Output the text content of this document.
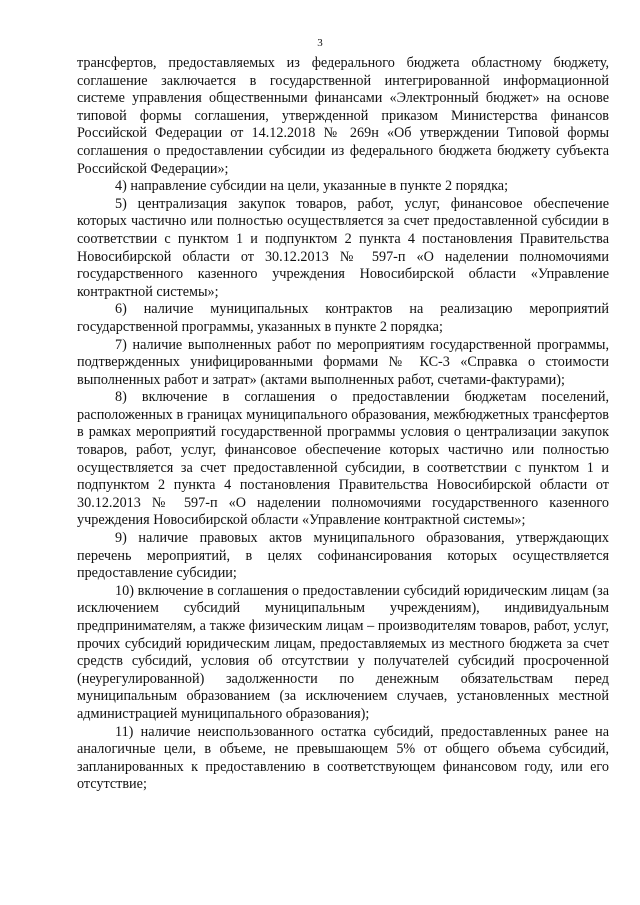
3

трансфертов, предоставляемых из федерального бюджета областному бюджету, соглашение заключается в государственной интегрированной информационной системе управления общественными финансами «Электронный бюджет» на основе типовой формы соглашения, утвержденной приказом Министерства финансов Российской Федерации от 14.12.2018 № 269н «Об утверждении Типовой формы соглашения о предоставлении субсидии из федерального бюджета бюджету субъекта Российской Федерации»;

4) направление субсидии на цели, указанные в пункте 2 порядка;

5) централизация закупок товаров, работ, услуг, финансовое обеспечение которых частично или полностью осуществляется за счет предоставленной субсидии в соответствии с пунктом 1 и подпунктом 2 пункта 4 постановления Правительства Новосибирской области от 30.12.2013 № 597-п «О наделении полномочиями государственного казенного учреждения Новосибирской области «Управление контрактной системы»;

6) наличие муниципальных контрактов на реализацию мероприятий государственной программы, указанных в пункте 2 порядка;

7) наличие выполненных работ по мероприятиям государственной программы, подтвержденных унифицированными формами № КС-3 «Справка о стоимости выполненных работ и затрат» (актами выполненных работ, счетами-фактурами);

8) включение в соглашения о предоставлении бюджетам поселений, расположенных в границах муниципального образования, межбюджетных трансфертов в рамках мероприятий государственной программы условия о централизации закупок товаров, работ, услуг, финансовое обеспечение которых частично или полностью осуществляется за счет предоставленной субсидии, в соответствии с пунктом 1 и подпунктом 2 пункта 4 постановления Правительства Новосибирской области от 30.12.2013 № 597-п «О наделении полномочиями государственного казенного учреждения Новосибирской области «Управление контрактной системы»;

9) наличие правовых актов муниципального образования, утверждающих перечень мероприятий, в целях софинансирования которых осуществляется предоставление субсидии;

10) включение в соглашения о предоставлении субсидий юридическим лицам (за исключением субсидий муниципальным учреждениям), индивидуальным предпринимателям, а также физическим лицам – производителям товаров, работ, услуг, прочих субсидий юридическим лицам, предоставляемых из местного бюджета за счет средств субсидий, условия об отсутствии у получателей субсидий просроченной (неурегулированной) задолженности по денежным обязательствам перед муниципальным образованием (за исключением случаев, установленных местной администрацией муниципального образования);

11) наличие неиспользованного остатка субсидий, предоставленных ранее на аналогичные цели, в объеме, не превышающем 5% от общего объема субсидий, запланированных к предоставлению в соответствующем финансовом году, или его отсутствие;
